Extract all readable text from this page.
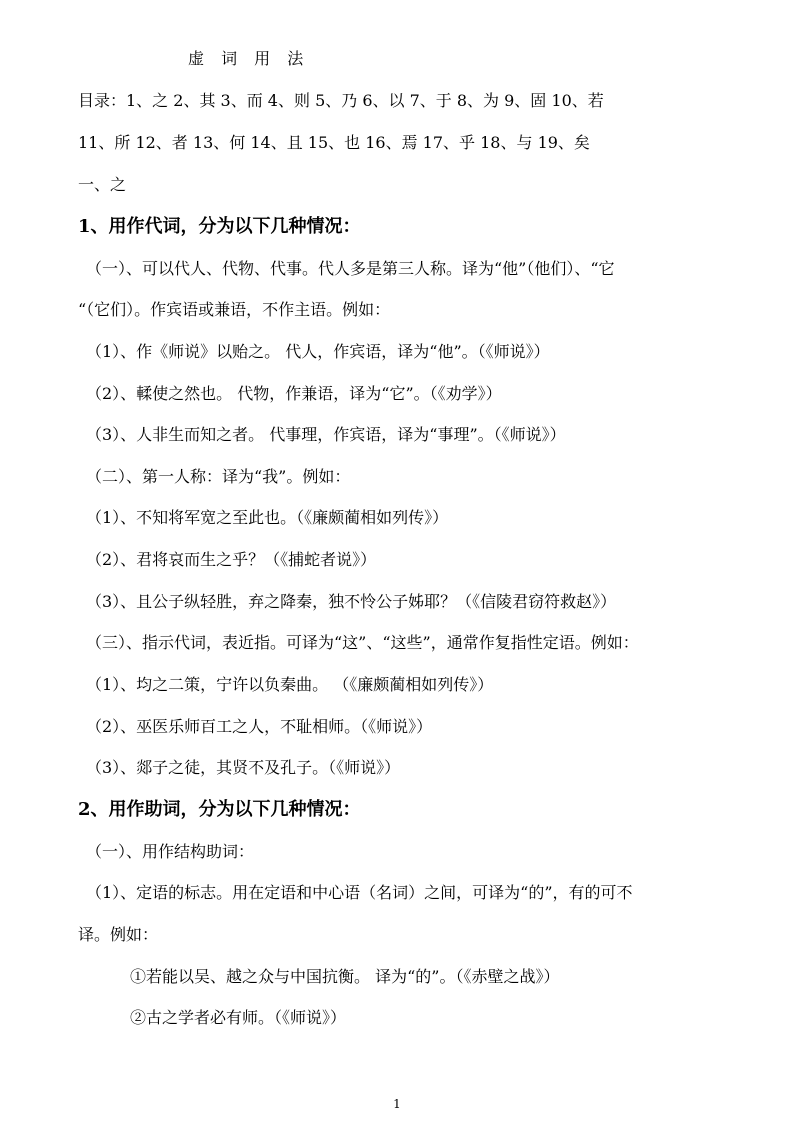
虚 词 用 法
目录：1、之 2、其 3、而 4、则 5、乃 6、以 7、于 8、为 9、固 10、若
11、所 12、者 13、何 14、且 15、也 16、焉 17、乎 18、与 19、矣
一、之
1、用作代词，分为以下几种情况：
（一）、可以代人、代物、代事。代人多是第三人称。译为“他”（他们）、“它
“（它们）。作宾语或兼语，不作主语。例如：
（1）、作《师说》以贻之。 代人，作宾语，译为“他”。（《师说》）
（2）、輮使之然也。 代物，作兼语，译为“它”。（《劝学》）
（3）、人非生而知之者。 代事理，作宾语，译为“事理”。（《师说》）
（二）、第一人称：译为“我”。例如：
（1）、不知将军宽之至此也。（《廉颇蔺相如列传》）
（2）、君将哀而生之乎？（《捕蛇者说》）
（3）、且公子纵轻胜，弃之降秦，独不怜公子姊耶？（《信陵君窃符救赵》）
（三）、指示代词，表近指。可译为“这”、“这些”，通常作复指性定语。例如：
（1）、均之二策，宁许以负秦曲。 （《廉颇蔺相如列传》）
（2）、巫医乐师百工之人，不耻相师。（《师说》）
（3）、郯子之徒，其贤不及孔子。（《师说》）
2、用作助词，分为以下几种情况：
（一）、用作结构助词：
（1）、定语的标志。用在定语和中心语（名词）之间，可译为“的”，有的可不
译。例如：
①若能以吴、越之众与中国抗衡。 译为“的”。（《赤壁之战》）
②古之学者必有师。（《师说》）
1
